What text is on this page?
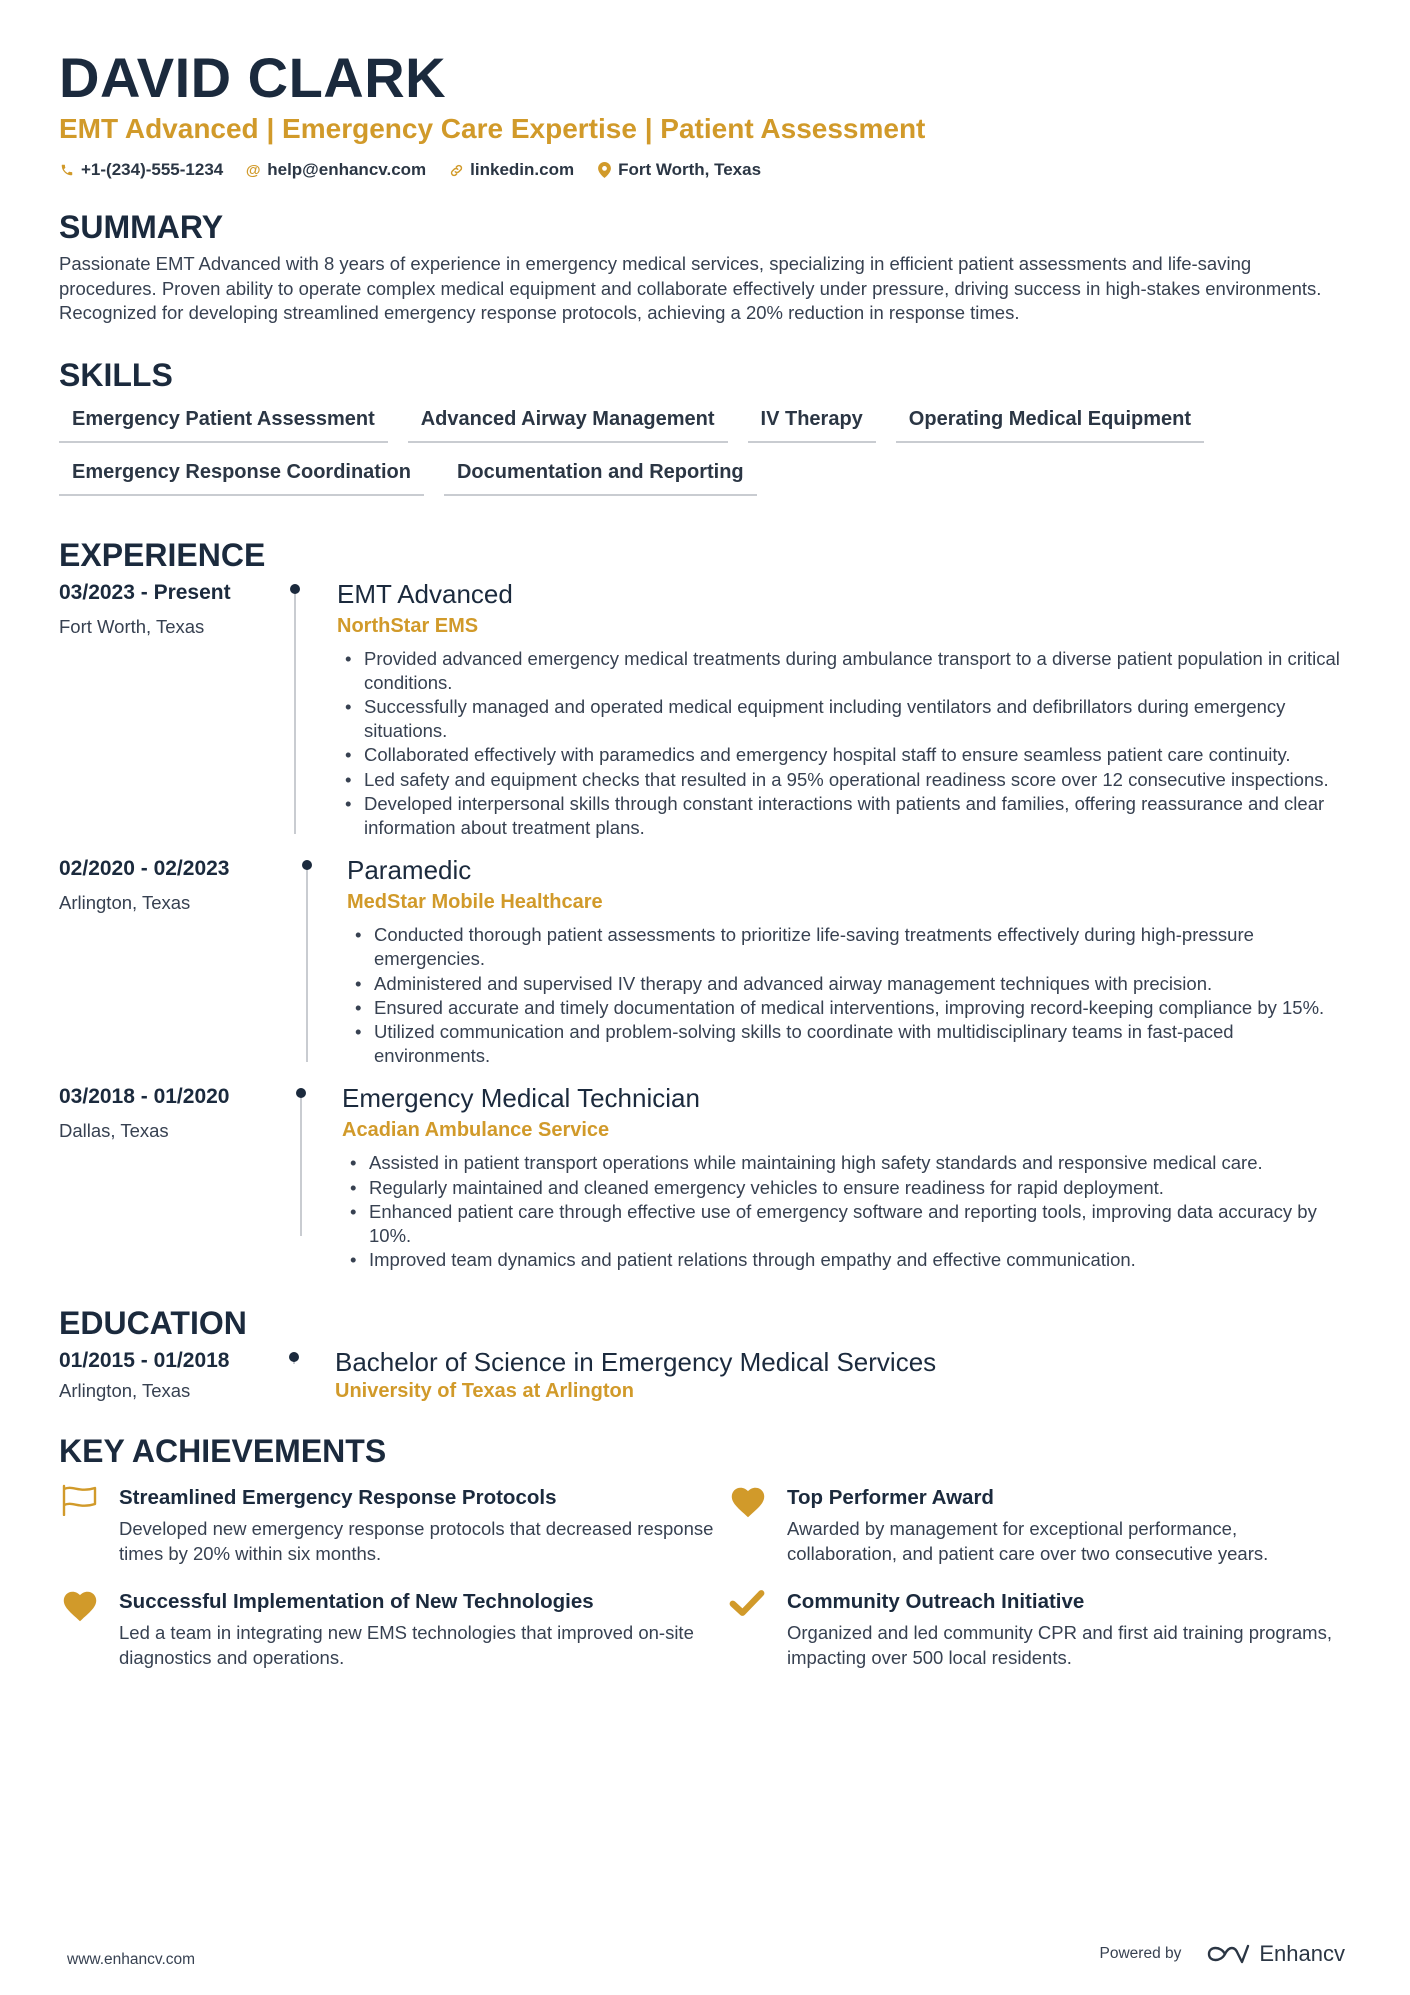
DAVID CLARK
EMT Advanced | Emergency Care Expertise | Patient Assessment
+1-(234)-555-1234 @ help@enhancv.com	linkedin.com	Fort Worth, Texas
SUMMARY
Passionate EMT Advanced with 8 years of experience in emergency medical services, specializing in efficient patient assessments and life-saving procedures. Proven ability to operate complex medical equipment and collaborate effectively under pressure, driving success in high-stakes environments. Recognized for developing streamlined emergency response protocols, achieving a 20% reduction in response times.
SKILLS
Emergency Patient Assessment	Advanced Airway Management	IV Therapy	Operating Medical Equipment
Emergency Response Coordination	Documentation and Reporting
EXPERIENCE
03/2023 - Present
Fort Worth, Texas
EMT Advanced
NorthStar EMS
• Provided advanced emergency medical treatments during ambulance transport to a diverse patient population in critical conditions.
• Successfully managed and operated medical equipment including ventilators and defibrillators during emergency situations.
• Collaborated effectively with paramedics and emergency hospital staff to ensure seamless patient care continuity.
• Led safety and equipment checks that resulted in a 95% operational readiness score over 12 consecutive inspections.
• Developed interpersonal skills through constant interactions with patients and families, offering reassurance and clear information about treatment plans.
02/2020 - 02/2023
Arlington, Texas
Paramedic
MedStar Mobile Healthcare
• Conducted thorough patient assessments to prioritize life-saving treatments effectively during high-pressure emergencies.
• Administered and supervised IV therapy and advanced airway management techniques with precision.
• Ensured accurate and timely documentation of medical interventions, improving record-keeping compliance by 15%.
• Utilized communication and problem-solving skills to coordinate with multidisciplinary teams in fast-paced environments.
03/2018 - 01/2020
Dallas, Texas
Emergency Medical Technician
Acadian Ambulance Service
• Assisted in patient transport operations while maintaining high safety standards and responsive medical care.
• Regularly maintained and cleaned emergency vehicles to ensure readiness for rapid deployment.
• Enhanced patient care through effective use of emergency software and reporting tools, improving data accuracy by 10%.
• Improved team dynamics and patient relations through empathy and effective communication.
EDUCATION
01/2015 - 01/2018
Arlington, Texas
Bachelor of Science in Emergency Medical Services
University of Texas at Arlington
KEY ACHIEVEMENTS
Streamlined Emergency Response Protocols
Developed new emergency response protocols that decreased response times by 20% within six months.
Top Performer Award
Awarded by management for exceptional performance, collaboration, and patient care over two consecutive years.
Successful Implementation of New Technologies
Led a team in integrating new EMS technologies that improved on-site diagnostics and operations.
Community Outreach Initiative
Organized and led community CPR and first aid training programs, impacting over 500 local residents.
www.enhancv.com	Powered by	Enhancv
